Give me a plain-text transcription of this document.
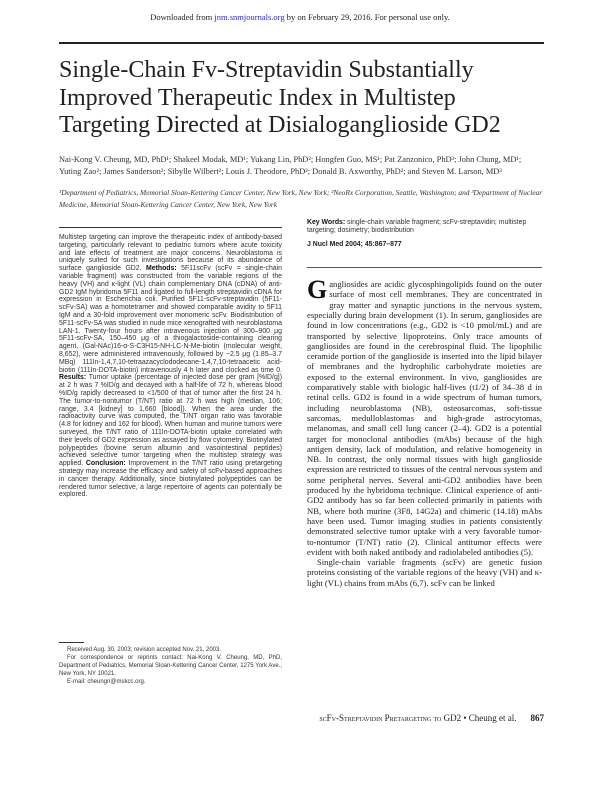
Downloaded from jnm.snmjournals.org by on February 29, 2016. For personal use only.
Single-Chain Fv-Streptavidin Substantially Improved Therapeutic Index in Multistep Targeting Directed at Disialoganglioside GD2
Nai-Kong V. Cheung, MD, PhD¹; Shakeel Modak, MD¹; Yukang Lin, PhD²; Hongfen Guo, MS¹; Pat Zanzonico, PhD³; John Chung, MD¹; Yuting Zao²; James Sanderson²; Sibylle Wilbert²; Louis J. Theodore, PhD²; Donald B. Axworthy, PhD²; and Steven M. Larson, MD³
¹Department of Pediatrics, Memorial Sloan-Kettering Cancer Center, New York, New York; ²NeoRx Corporation, Seattle, Washington; and ³Department of Nuclear Medicine, Memorial Sloan-Kettering Cancer Center, New York, New York

Multistep targeting can improve the therapeutic index of antibody-based targeting, particularly relevant to pediatric tumors where acute toxicity and late effects of treatment are major concerns. Neuroblastoma is uniquely suited for such investigations because of its abundance of surface ganglioside GD2. Methods: 5F11scFv (scFv = single-chain variable fragment) was constructed from the variable regions of the heavy (VH) and κ-light (VL) chain complementary DNA (cDNA) of anti-GD2 IgM hybridoma 5F11 and ligated to full-length streptavidin cDNA for expression in Escherichia coli. Purified 5F11-scFv-streptavidin (5F11-scFv-SA) was a homotetramer and showed comparable avidity to 5F11 IgM and a 30-fold improvement over monomeric scFv. Biodistribution of 5F11-scFv-SA was studied in nude mice xenografted with neuroblastoma LAN-1. Twenty-four hours after intravenous injection of 300–900 μg 5F11-scFv-SA, 150–450 μg of a thiogalactoside-containing clearing agent, (Gal-NAc)16-α-S-C3H15-NH-LC-N-Me-biotin (molecular weight, 8,652), were administered intravenously, followed by ~2.5 μg (1.85–3.7 MBq) 111In-1,4,7,10-tetraazacyclododecane-1,4,7,10-tetraacetic acid-biotin (111In-DOTA-biotin) intravenously 4 h later and clocked as time 0. Results: Tumor uptake (percentage of injected dose per gram [%ID/g]) at 2 h was 7 %ID/g and decayed with a half-life of 72 h, whereas blood %ID/g rapidly decreased to <1/500 of that of tumor after the first 24 h. The tumor-to-nontumor (T/NT) ratio at 72 h was high (median, 106; range, 3.4 [kidney] to 1,660 [blood]). When the area under the radioactivity curve was computed, the T/NT organ ratio was favorable (4.8 for kidney and 162 for blood). When human and murine tumors were surveyed, the T/NT ratio of 111In-DOTA-biotin uptake correlated with their levels of GD2 expression as assayed by flow cytometry. Biotinylated polypeptides (bovine serum albumin and vasointestinal peptides) achieved selective tumor targeting when the multistep strategy was applied. Conclusion: Improvement in the T/NT ratio using pretargeting strategy may increase the efficacy and safety of scFv-based approaches in cancer therapy. Additionally, since biotinylated polypeptides can be rendered tumor selective, a large repertoire of agents can potentially be explored.

Received Aug. 30, 2003; revision accepted Nov. 21, 2003.

For correspondence or reprints contact: Nai-Kong V. Cheung, MD, PhD, Department of Pediatrics, Memorial Sloan-Kettering Cancer Center, 1275 York Ave., New York, NY 10021.

E-mail: cheungn@mskcc.org.

Key Words: single-chain variable fragment; scFv-streptavidin; multistep targeting; dosimetry; biodistribution
J Nucl Med 2004; 45:867–877

Gangliosides are acidic glycosphingolipids found on the outer surface of most cell membranes. They are concentrated in gray matter and synaptic junctions in the nervous system, especially during brain development (1). In serum, gangliosides are found in low concentrations (e.g., GD2 is <10 pmol/mL) and are transported by selective lipoproteins. Only trace amounts of gangliosides are found in the cerebrospinal fluid. The lipophilic ceramide portion of the ganglioside is inserted into the lipid bilayer of membranes and the hydrophilic carbohydrate moieties are exposed to the external environment. In vivo, gangliosides are comparatively stable with biologic half-lives (t1/2) of 34–38 d in retinal cells. GD2 is found in a wide spectrum of human tumors, including neuroblastoma (NB), osteosarcomas, soft-tissue sarcomas, medulloblastomas and high-grade astrocytomas, melanomas, and small cell lung cancer (2–4). GD2 is a potential target for monoclonal antibodies (mAbs) because of the high antigen density, lack of modulation, and relative homogeneity in NB. In contrast, the only normal tissues with high ganglioside expression are restricted to tissues of the central nervous system and some peripheral nerves. Several anti-GD2 antibodies have been produced by the hybridoma technique. Clinical experience of anti-GD2 antibody has so far been collected primarily in patients with NB, where both murine (3F8, 14G2a) and chimeric (14.18) mAbs have been used. Tumor imaging studies in patients consistently demonstrated selective tumor uptake with a very favorable tumor-to-nontumor (T/NT) ratio (2). Clinical antitumor effects were evident with both naked antibody and radiolabeled antibodies (5).

Single-chain variable fragments (scFv) are genetic fusion proteins consisting of the variable regions of the heavy (VH) and κ-light (VL) chains from mAbs (6,7). scFv can be linked

scFv-Streptavidin Pretargeting to GD2 • Cheung et al. 867
